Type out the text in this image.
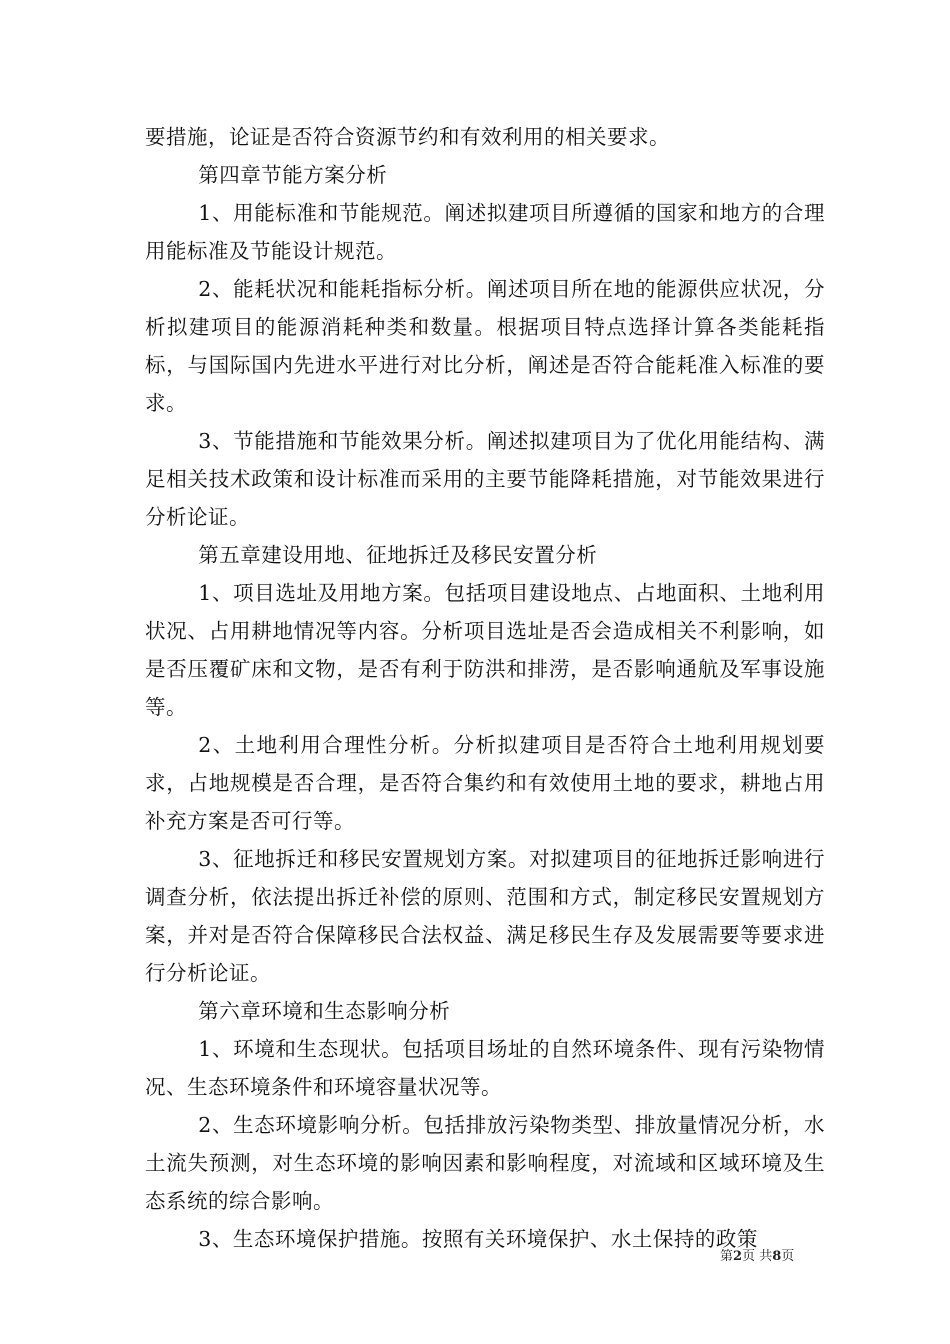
要措施，论证是否符合资源节约和有效利用的相关要求。

第四章节能方案分析

1、用能标准和节能规范。阐述拟建项目所遵循的国家和地方的合理用能标准及节能设计规范。

2、能耗状况和能耗指标分析。阐述项目所在地的能源供应状况，分析拟建项目的能源消耗种类和数量。根据项目特点选择计算各类能耗指标，与国际国内先进水平进行对比分析，阐述是否符合能耗准入标准的要求。

3、节能措施和节能效果分析。阐述拟建项目为了优化用能结构、满足相关技术政策和设计标准而采用的主要节能降耗措施，对节能效果进行分析论证。

第五章建设用地、征地拆迁及移民安置分析

1、项目选址及用地方案。包括项目建设地点、占地面积、土地利用状况、占用耕地情况等内容。分析项目选址是否会造成相关不利影响，如是否压覆矿床和文物，是否有利于防洪和排涝，是否影响通航及军事设施等。

2、土地利用合理性分析。分析拟建项目是否符合土地利用规划要求，占地规模是否合理，是否符合集约和有效使用土地的要求，耕地占用补充方案是否可行等。

3、征地拆迁和移民安置规划方案。对拟建项目的征地拆迁影响进行调查分析，依法提出拆迁补偿的原则、范围和方式，制定移民安置规划方案，并对是否符合保障移民合法权益、满足移民生存及发展需要等要求进行分析论证。

第六章环境和生态影响分析

1、环境和生态现状。包括项目场址的自然环境条件、现有污染物情况、生态环境条件和环境容量状况等。

2、生态环境影响分析。包括排放污染物类型、排放量情况分析，水土流失预测，对生态环境的影响因素和影响程度，对流域和区域环境及生态系统的综合影响。

3、生态环境保护措施。按照有关环境保护、水土保持的政策

第2页 共8页
